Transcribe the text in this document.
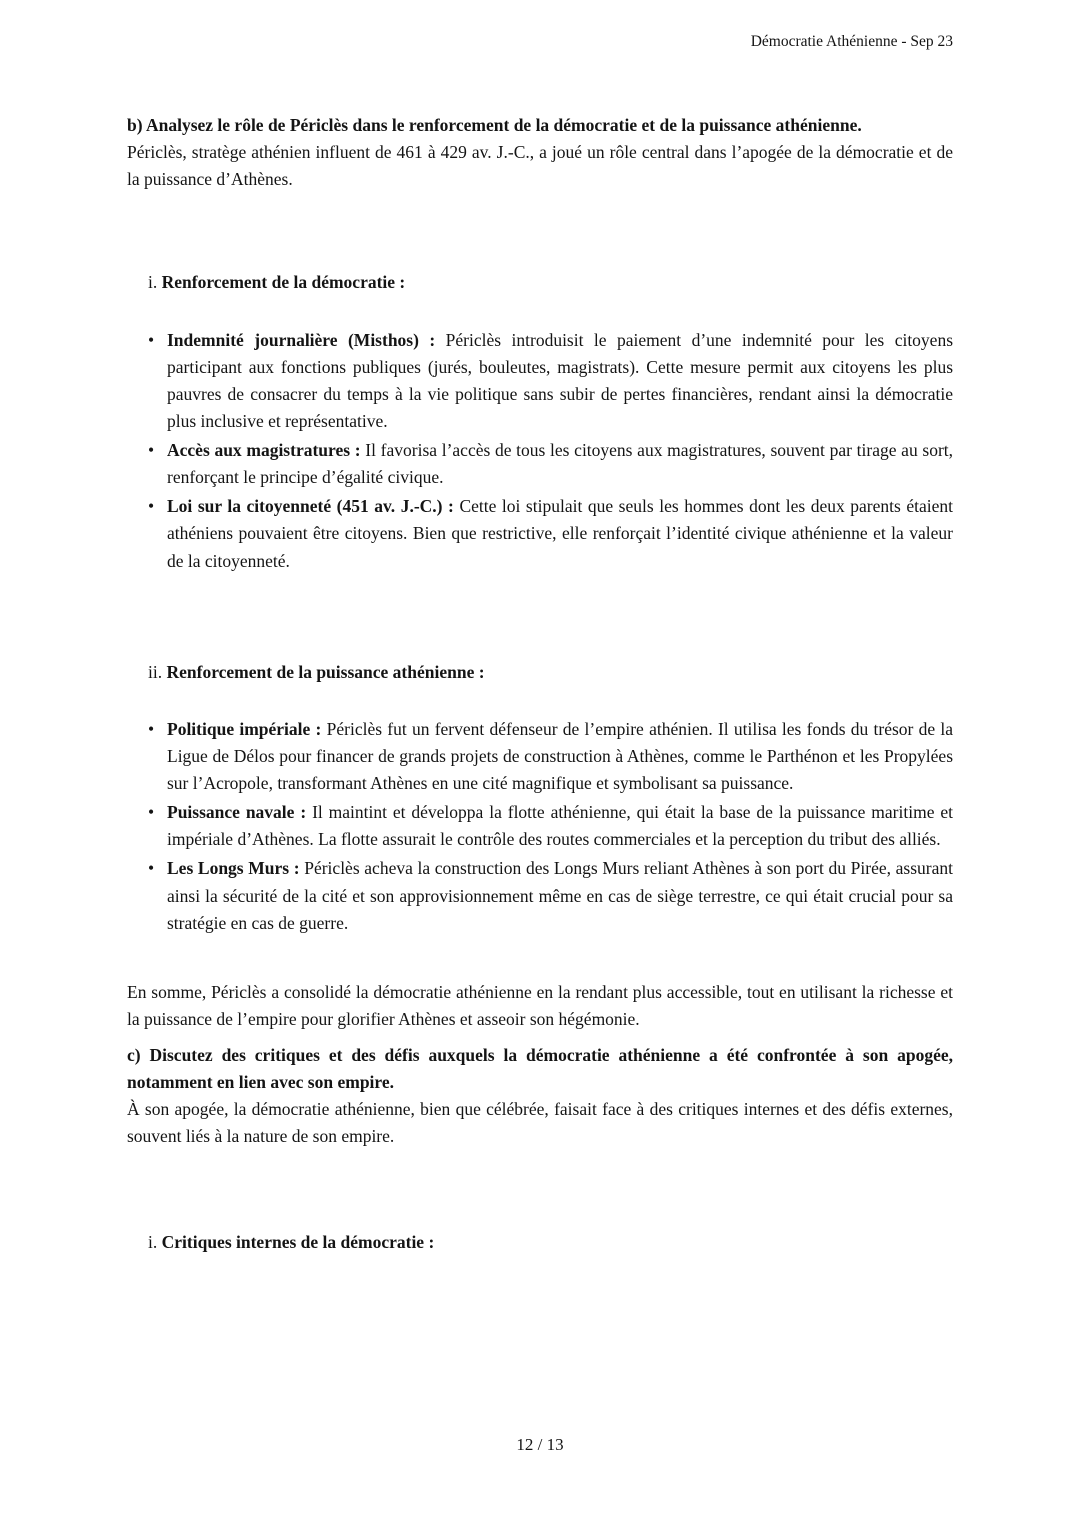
Démocratie Athénienne - Sep 23

b) Analysez le rôle de Périclès dans le renforcement de la démocratie et de la puissance athénienne.

Périclès, stratège athénien influent de 461 à 429 av. J.-C., a joué un rôle central dans l’apogée de la démocratie et de la puissance d’Athènes.

i. Renforcement de la démocratie :

• Indemnité journalière (Misthos) : Périclès introduisit le paiement d’une indemnité pour les citoyens participant aux fonctions publiques (jurés, bouleutes, magistrats). Cette mesure permit aux citoyens les plus pauvres de consacrer du temps à la vie politique sans subir de pertes financières, rendant ainsi la démocratie plus inclusive et représentative.
• Accès aux magistratures : Il favorisa l’accès de tous les citoyens aux magistratures, souvent par tirage au sort, renforçant le principe d’égalité civique.
• Loi sur la citoyenneté (451 av. J.-C.) : Cette loi stipulait que seuls les hommes dont les deux parents étaient athéniens pouvaient être citoyens. Bien que restrictive, elle renforçait l’identité civique athénienne et la valeur de la citoyenneté.

ii. Renforcement de la puissance athénienne :

• Politique impériale : Périclès fut un fervent défenseur de l’empire athénien. Il utilisa les fonds du trésor de la Ligue de Délos pour financer de grands projets de construction à Athènes, comme le Parthénon et les Propylées sur l’Acropole, transformant Athènes en une cité magnifique et symbolisant sa puissance.
• Puissance navale : Il maintint et développa la flotte athénienne, qui était la base de la puissance maritime et impériale d’Athènes. La flotte assurait le contrôle des routes commerciales et la perception du tribut des alliés.
• Les Longs Murs : Périclès acheva la construction des Longs Murs reliant Athènes à son port du Pirée, assurant ainsi la sécurité de la cité et son approvisionnement même en cas de siège terrestre, ce qui était crucial pour sa stratégie en cas de guerre.

En somme, Périclès a consolidé la démocratie athénienne en la rendant plus accessible, tout en utilisant la richesse et la puissance de l’empire pour glorifier Athènes et asseoir son hégémonie.

c) Discutez des critiques et des défis auxquels la démocratie athénienne a été confrontée à son apogée, notamment en lien avec son empire.

À son apogée, la démocratie athénienne, bien que célébrée, faisait face à des critiques internes et des défis externes, souvent liés à la nature de son empire.

i. Critiques internes de la démocratie :

12 / 13
